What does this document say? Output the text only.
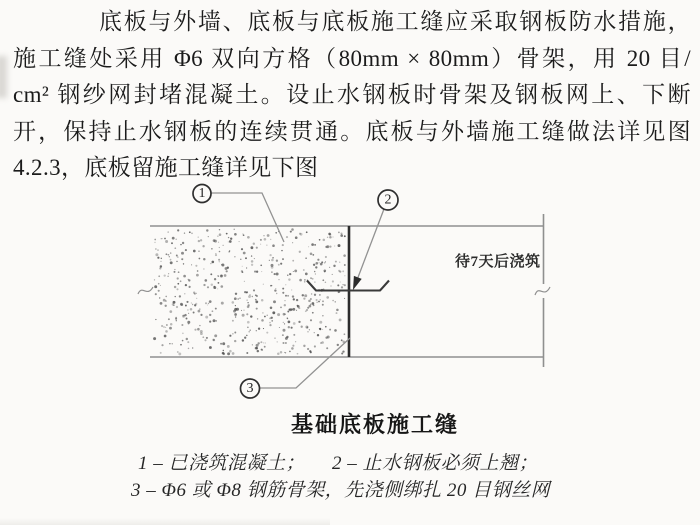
底板与外墙、底板与底板施工缝应采取钢板防水措施，
施工缝处采用 Φ6 双向方格（80mm × 80mm）骨架，用 20 目/
cm² 钢纱网封堵混凝土。设止水钢板时骨架及钢板网上、下断
开，保持止水钢板的连续贯通。底板与外墙施工缝做法详见图
4.2.3，底板留施工缝详见下图
1	2
3
待7天后浇筑
基础底板施工缝
1 – 已浇筑混凝土； 2 – 止水钢板必须上翘；
3 – Φ6 或 Φ8 钢筋骨架，先浇侧绑扎 20 目钢丝网
